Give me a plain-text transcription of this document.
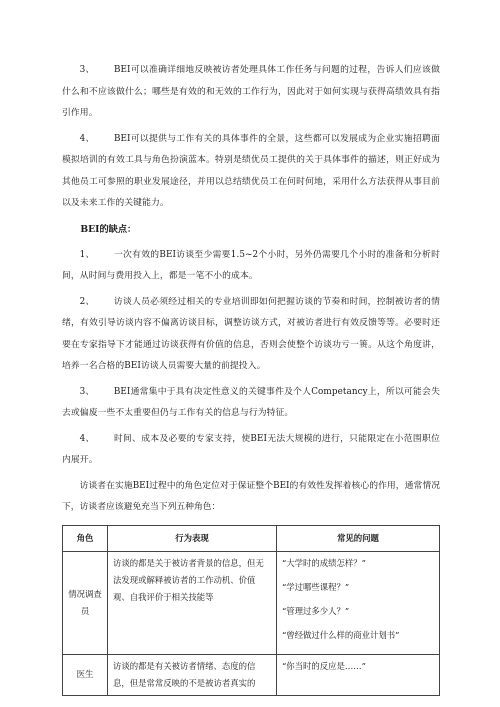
3、 BEI可以准确详细地反映被访者处理具体工作任务与问题的过程，告诉人们应该做什么和不应该做什么；哪些是有效的和无效的工作行为，因此对于如何实现与获得高绩效具有指引作用。

4、 BEI可以提供与工作有关的具体事件的全景，这些都可以发展成为企业实施招聘面模拟培训的有效工具与角色扮演蓝本。特别是绩优员工提供的关于具体事件的描述，则正好成为其他员工可参照的职业发展途径，并用以总结绩优员工在何时何地，采用什么方法获得从事目前以及未来工作的关键能力。

BEI的缺点：

1、 一次有效的BEI访谈至少需要1.5~2个小时，另外仍需要几个小时的准备和分析时间，从时间与费用投入上，都是一笔不小的成本。

2、 访谈人员必须经过相关的专业培训即如何把握访谈的节奏和时间，控制被访者的情绪，有效引导访谈内容不偏离访谈目标，调整访谈方式，对被访者进行有效反馈等等。必要时还要在专家指导下才能通过访谈获得有价值的信息，否则会使整个访谈功亏一篑。从这个角度讲，培养一名合格的BEI访谈人员需要大量的前提投入。

3、 BEI通常集中于具有决定性意义的关键事件及个人Competancy上，所以可能会失去或偏废一些不太重要但仍与工作有关的信息与行为特征。

4、 时间、成本及必要的专家支持，使BEI无法大规模的进行，只能限定在小范围职位内展开。

访谈者在实施BEI过程中的角色定位对于保证整个BEI的有效性发挥着核心的作用，通常情况下，访谈者应该避免充当下列五种角色：

角色	行为表现	常见的问题
情况调查员	访谈的都是关于被访者背景的信息，但无法发现或解释被访者的工作动机、价值观、自我评价于相关技能等	“大学时的成绩怎样？”

“学过哪些课程？”

“管理过多少人？”

“曾经做过什么样的商业计划书”

医生	访谈的都是有关被访者情绪、态度的信息，但是常常反映的不是被访者真实的	“你当时的反应是……”
